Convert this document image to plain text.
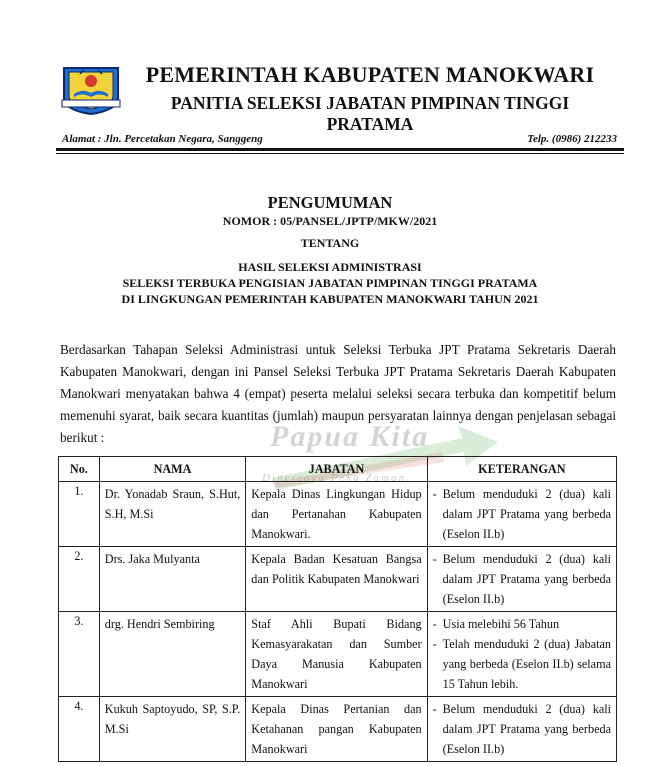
PEMERINTAH KABUPATEN MANOKWARI
PANITIA SELEKSI JABATAN PIMPINAN TINGGI PRATAMA
Alamat : Jln. Percetakan Negara, Sanggeng	Telp. (0986) 212233
PENGUMUMAN
NOMOR : 05/PANSEL/JPTP/MKW/2021
TENTANG
HASIL SELEKSI ADMINISTRASI
SELEKSI TERBUKA PENGISIAN JABATAN PIMPINAN TINGGI PRATAMA
DI LINGKUNGAN PEMERINTAH KABUPATEN MANOKWARI TAHUN 2021
Berdasarkan Tahapan Seleksi Administrasi untuk Seleksi Terbuka JPT Pratama Sekretaris Daerah Kabupaten Manokwari, dengan ini Pansel Seleksi Terbuka JPT Pratama Sekretaris Daerah Kabupaten Manokwari menyatakan bahwa 4 (empat) peserta melalui seleksi secara terbuka dan kompetitif belum memenuhi syarat, baik secara kuantitas (jumlah) maupun persyaratan lainnya dengan penjelasan sebagai berikut :	Papua Kita
Dipercaya Peka Zaman
No.	NAMA	JABATAN	KETERANGAN
1.	Dr. Yonadab Sraun, S.Hut, S.H, M.Si	Kepala Dinas Lingkungan Hidup dan Pertanahan Kabupaten Manokwari.	- Belum menduduki 2 (dua) kali dalam JPT Pratama yang berbeda (Eselon II.b)

2.	Drs. Jaka Mulyanta	Kepala Badan Kesatuan Bangsa dan Politik Kabupaten Manokwari	- Belum menduduki 2 (dua) kali dalam JPT Pratama yang berbeda (Eselon II.b)

3.	drg. Hendri Sembiring	Staf Ahli Bupati Bidang Kemasyarakatan dan Sumber Daya Manusia Kabupaten Manokwari	- Usia melebihi 56 Tahun
- Telah menduduki 2 (dua) Jabatan yang berbeda (Eselon II.b) selama 15 Tahun lebih.

4.	Kukuh Saptoyudo, SP, S.P. M.Si	Kepala Dinas Pertanian dan Ketahanan pangan Kabupaten Manokwari	- Belum menduduki 2 (dua) kali dalam JPT Pratama yang berbeda (Eselon II.b)
